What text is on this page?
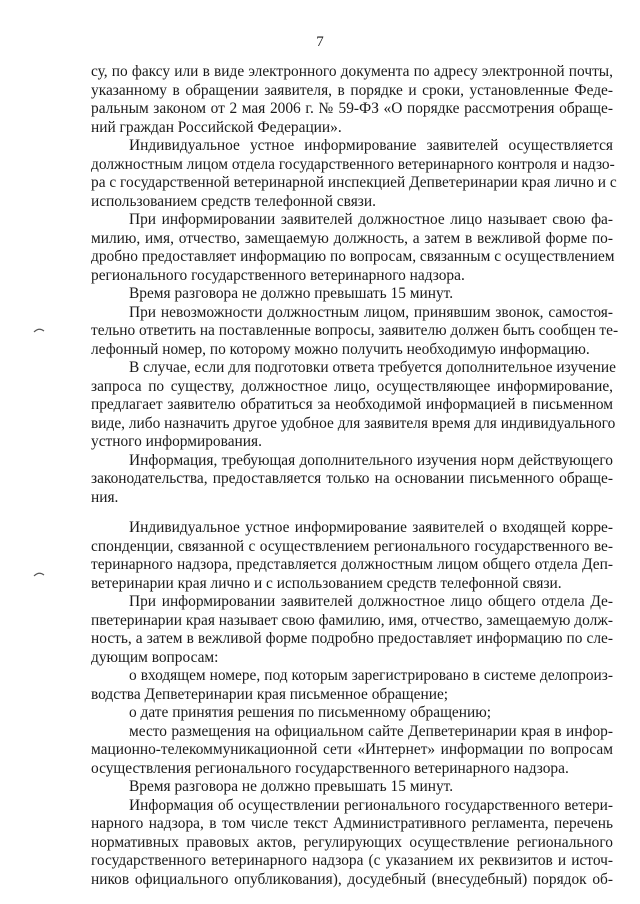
7
су, по факсу или в виде электронного документа по адресу электронной почты,
указанному в обращении заявителя, в порядке и сроки, установленные Феде-
ральным законом от 2 мая 2006 г. № 59-ФЗ «О порядке рассмотрения обраще-
ний граждан Российской Федерации».
Индивидуальное устное информирование заявителей осуществляется
должностным лицом отдела государственного ветеринарного контроля и надзо-
ра с государственной ветеринарной инспекцией Депветеринарии края лично и с
использованием средств телефонной связи.
При информировании заявителей должностное лицо называет свою фа-
милию, имя, отчество, замещаемую должность, а затем в вежливой форме по-
дробно предоставляет информацию по вопросам, связанным с осуществлением
регионального государственного ветеринарного надзора.
Время разговора не должно превышать 15 минут.
При невозможности должностным лицом, принявшим звонок, самостоя-
тельно ответить на поставленные вопросы, заявителю должен быть сообщен те-
лефонный номер, по которому можно получить необходимую информацию.
В случае, если для подготовки ответа требуется дополнительное изучение
запроса по существу, должностное лицо, осуществляющее информирование,
предлагает заявителю обратиться за необходимой информацией в письменном
виде, либо назначить другое удобное для заявителя время для индивидуального
устного информирования.
Информация, требующая дополнительного изучения норм действующего
законодательства, предоставляется только на основании письменного обраще-
ния.
Индивидуальное устное информирование заявителей о входящей корре-
спонденции, связанной с осуществлением регионального государственного ве-
теринарного надзора, представляется должностным лицом общего отдела Деп-
ветеринарии края лично и с использованием средств телефонной связи.
При информировании заявителей должностное лицо общего отдела Де-
пветеринарии края называет свою фамилию, имя, отчество, замещаемую долж-
ность, а затем в вежливой форме подробно предоставляет информацию по сле-
дующим вопросам:
о входящем номере, под которым зарегистрировано в системе делопроиз-
водства Депветеринарии края письменное обращение;
о дате принятия решения по письменному обращению;
место размещения на официальном сайте Депветеринарии края в инфор-
мационно-телекоммуникационной сети «Интернет» информации по вопросам
осуществления регионального государственного ветеринарного надзора.
Время разговора не должно превышать 15 минут.
Информация об осуществлении регионального государственного ветери-
нарного надзора, в том числе текст Административного регламента, перечень
нормативных правовых актов, регулирующих осуществление регионального
государственного ветеринарного надзора (с указанием их реквизитов и источ-
ников официального опубликования), досудебный (внесудебный) порядок об-
